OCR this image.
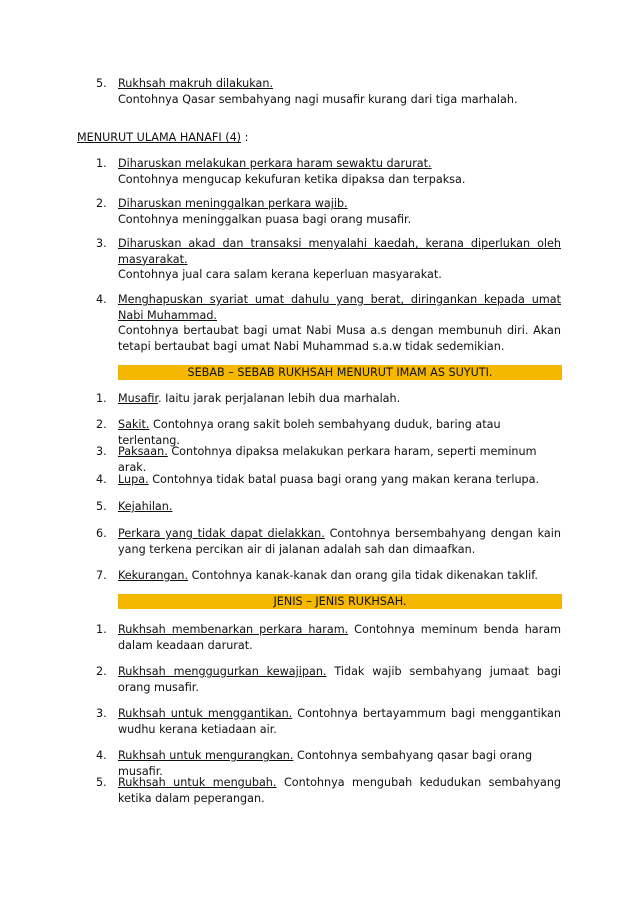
5. Rukhsah makruh dilakukan.
Contohnya Qasar sembahyang nagi musafir kurang dari tiga marhalah.
MENURUT ULAMA HANAFI (4) :
1. Diharuskan melakukan perkara haram sewaktu darurat.
Contohnya mengucap kekufuran ketika dipaksa dan terpaksa.
2. Diharuskan meninggalkan perkara wajib.
Contohnya meninggalkan puasa bagi orang musafir.
3. Diharuskan akad dan transaksi menyalahi kaedah, kerana diperlukan oleh masyarakat.
Contohnya jual cara salam kerana keperluan masyarakat.
4. Menghapuskan syariat umat dahulu yang berat, diringankan kepada umat Nabi Muhammad.
Contohnya bertaubat bagi umat Nabi Musa a.s dengan membunuh diri. Akan tetapi bertaubat bagi umat Nabi Muhammad s.a.w tidak sedemikian.
SEBAB – SEBAB RUKHSAH MENURUT IMAM AS SUYUTI.
1. Musafir. Iaitu jarak perjalanan lebih dua marhalah.
2. Sakit. Contohnya orang sakit boleh sembahyang duduk, baring atau terlentang.
3. Paksaan. Contohnya dipaksa melakukan perkara haram, seperti meminum arak.
4. Lupa. Contohnya tidak batal puasa bagi orang yang makan kerana terlupa.
5. Kejahilan.
6. Perkara yang tidak dapat dielakkan. Contohnya bersembahyang dengan kain yang terkena percikan air di jalanan adalah sah dan dimaafkan.
7. Kekurangan. Contohnya kanak-kanak dan orang gila tidak dikenakan taklif.
JENIS – JENIS RUKHSAH.
1. Rukhsah membenarkan perkara haram. Contohnya meminum benda haram dalam keadaan darurat.
2. Rukhsah menggugurkan kewajipan. Tidak wajib sembahyang jumaat bagi orang musafir.
3. Rukhsah untuk menggantikan. Contohnya bertayammum bagi menggantikan wudhu kerana ketiadaan air.
4. Rukhsah untuk mengurangkan. Contohnya sembahyang qasar bagi orang musafir.
5. Rukhsah untuk mengubah. Contohnya mengubah kedudukan sembahyang ketika dalam peperangan.
